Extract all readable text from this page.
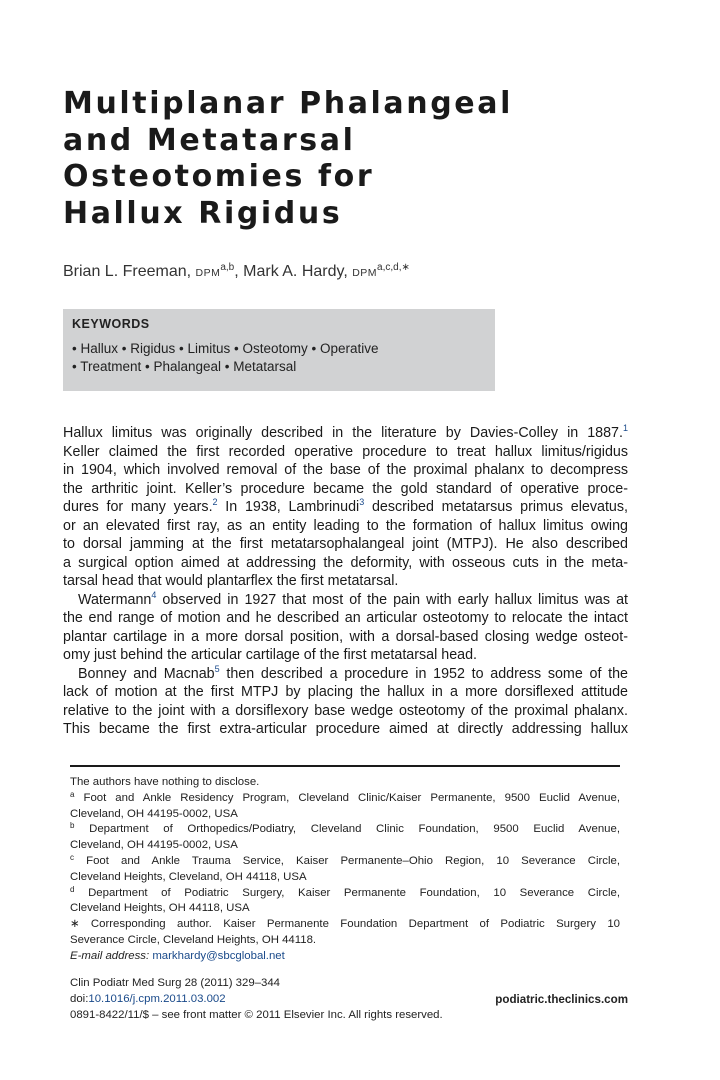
Multiplanar Phalangeal
and Metatarsal
Osteotomies for
Hallux Rigidus
Brian L. Freeman, DPM$^{a,b}$, Mark A. Hardy, $DPM^{a,c,d,∗}$
KEYWORDS
• Hallux • Rigidus • Limitus • Osteotomy • Operative
• Treatment • Phalangeal • Metatarsal
Hallux limitus was originally described in the literature by Davies-Colley in 1887.$^1$
Keller claimed the first recorded operative procedure to treat hallux limitus/rigidus
in 1904, which involved removal of the base of the proximal phalanx to decompress
the arthritic joint. Keller’s procedure became the gold standard of operative proce-
dures for many years.$^2$ In 1938, Lambrinudi$^3$ described metatarsus primus elevatus,
or an elevated first ray, as an entity leading to the formation of hallux limitus owing
to dorsal jamming at the first metatarsophalangeal joint (MTPJ). He also described
a surgical option aimed at addressing the deformity, with osseous cuts in the meta-
tarsal head that would plantarflex the first metatarsal.
Watermann$^4$ observed in 1927 that most of the pain with early hallux limitus was at
the end range of motion and he described an articular osteotomy to relocate the intact
plantar cartilage in a more dorsal position, with a dorsal-based closing wedge osteot-
omy just behind the articular cartilage of the first metatarsal head.
Bonney and Macnab$^5$ then described a procedure in 1952 to address some of the
lack of motion at the first MTPJ by placing the hallux in a more dorsiflexed attitude
relative to the joint with a dorsiflexory base wedge osteotomy of the proximal phalanx.
This became the first extra-articular procedure aimed at directly addressing hallux
The authors have nothing to disclose.
$^a$ Foot and Ankle Residency Program, Cleveland Clinic/Kaiser Permanente, 9500 Euclid Avenue,
Cleveland, OH 44195-0002, USA
$^b$ Department of Orthopedics/Podiatry, Cleveland Clinic Foundation, 9500 Euclid Avenue,
Cleveland, OH 44195-0002, USA
$^c$ Foot and Ankle Trauma Service, Kaiser Permanente–Ohio Region, 10 Severance Circle,
Cleveland Heights, Cleveland, OH 44118, USA
$^d$ Department of Podiatric Surgery, Kaiser Permanente Foundation, 10 Severance Circle,
Cleveland Heights, OH 44118, USA
∗ Corresponding author. Kaiser Permanente Foundation Department of Podiatric Surgery 10
Severance Circle, Cleveland Heights, OH 44118.
E-mail address: markhardy@sbcglobal.net
Clin Podiatr Med Surg 28 (2011) 329–344
doi:10.1016/j.cpm.2011.03.002	podiatric.theclinics.com
0891-8422/11/$ – see front matter © 2011 Elsevier Inc. All rights reserved.
